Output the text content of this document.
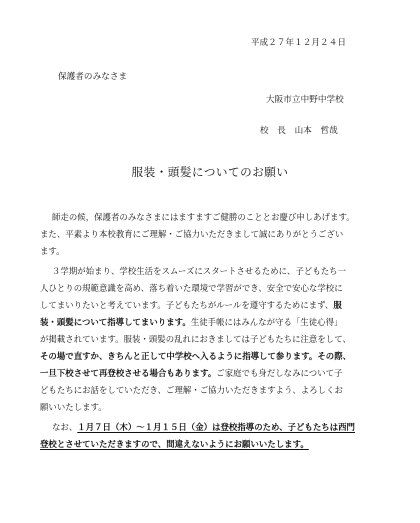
平成２７年１２月２４日
保護者のみなさま
大阪市立中野中学校
校　長　山本　哲哉
服装・頭髪についてのお願い
師走の候，保護者のみなさまにはますますご健勝のこととお慶び申しあげます。
また、平素より本校教育にご理解・ご協力いただきまして誠にありがとうござい
ます。
３学期が始まり、学校生活をスムーズにスタートさせるために、子どもたち一
人ひとりの規範意識を高め、落ち着いた環境で学習ができ、安全で安心な学校に
してまいりたいと考えています。子どもたちがルールを遵守するためにまず、服
装・頭髪について指導してまいります。生徒手帳にはみんなが守る「生徒心得」
が掲載されています。服装・頭髪の乱れにおきましては子どもたちに注意をして、
その場で直すか、きちんと正して中学校へ入るように指導して参ります。その際、
一旦下校させて再登校させる場合もあります。ご家庭でも身だしなみについて子
どもたちにお話をしていただき、ご理解・ご協力いただきますよう、よろしくお
願いいたします。
なお、１月７日（木）～１月１５日（金）は登校指導のため、子どもたちは西門
登校とさせていただきますので、間違えないようにお願いいたします。
